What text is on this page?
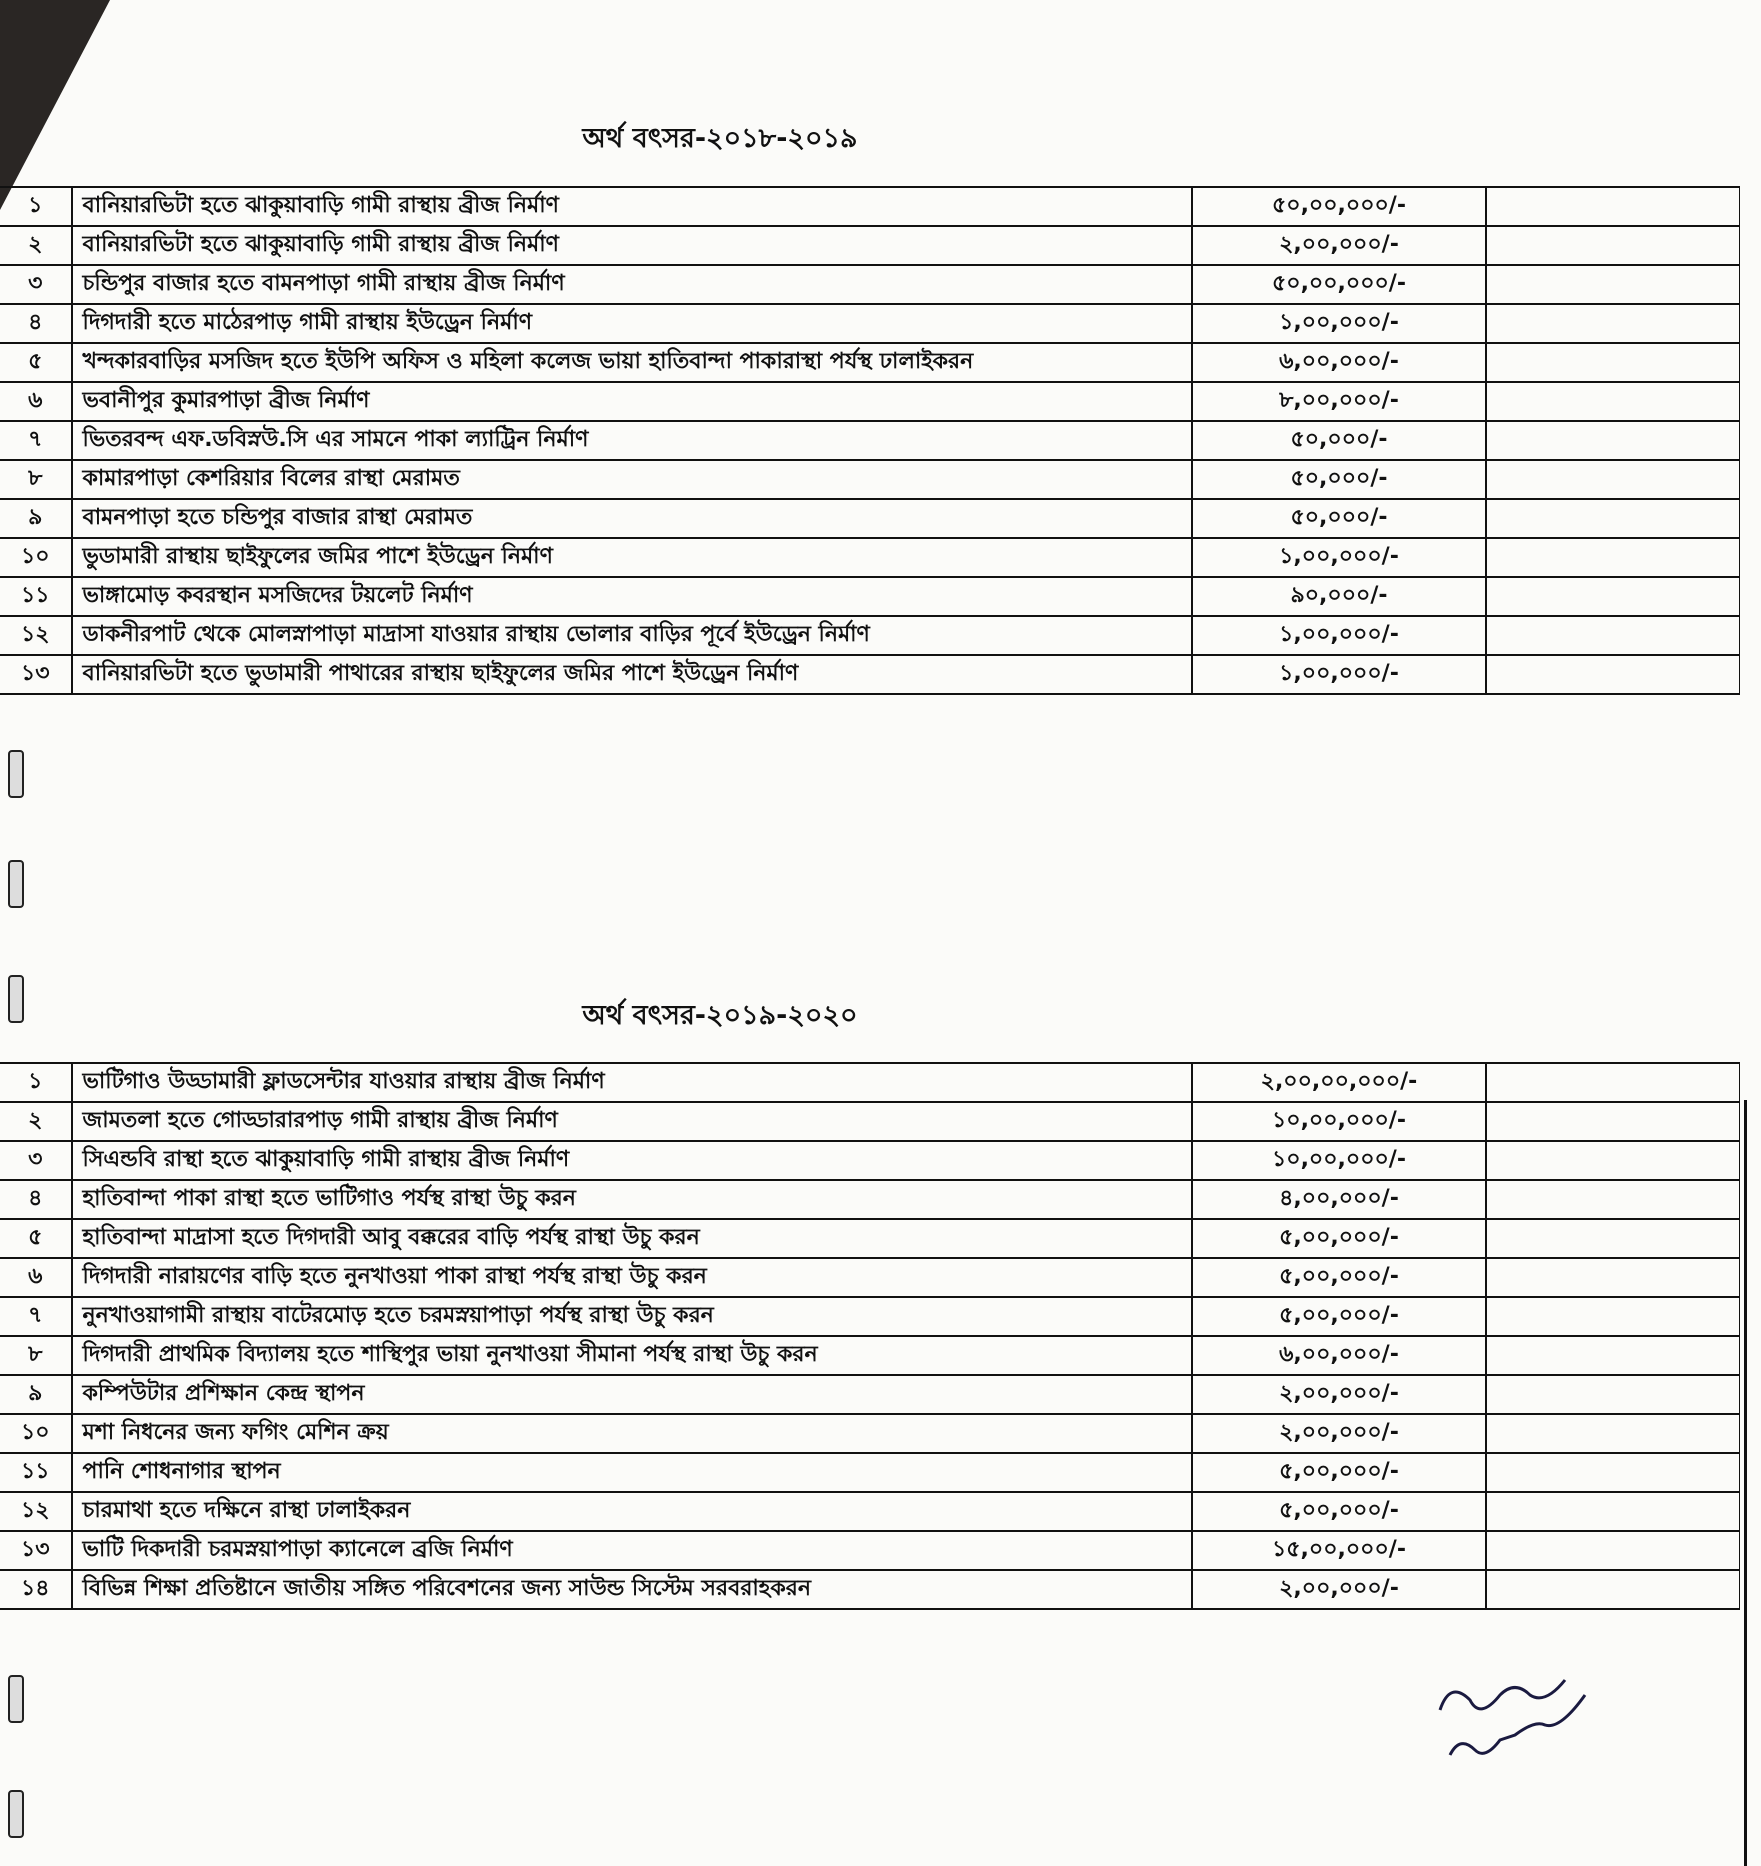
অর্থ বৎসর-২০১৮-২০১৯
১	বানিয়ারভিটা হতে ঝাকুয়াবাড়ি গামী রাস্থায় ব্রীজ নির্মাণ	৫০,০০,০০০/-	
২	বানিয়ারভিটা হতে ঝাকুয়াবাড়ি গামী রাস্থায় ব্রীজ নির্মাণ	২,০০,০০০/-	
৩	চন্ডিপুর বাজার হতে বামনপাড়া গামী রাস্থায় ব্রীজ নির্মাণ	৫০,০০,০০০/-	
৪	দিগদারী হতে মাঠেরপাড় গামী রাস্থায় ইউড্রেন নির্মাণ	১,০০,০০০/-	
৫	খন্দকারবাড়ির মসজিদ হতে ইউপি অফিস ও মহিলা কলেজ ভায়া হাতিবান্দা পাকারাস্থা পর্যস্থ ঢালাইকরন	৬,০০,০০০/-	
৬	ভবানীপুর কুমারপাড়া ব্রীজ নির্মাণ	৮,০০,০০০/-	
৭	ভিতরবন্দ এফ.ডবিস্নউ.সি এর সামনে পাকা ল্যাট্রিন নির্মাণ	৫০,০০০/-	
৮	কামারপাড়া কেশরিয়ার বিলের রাস্থা মেরামত	৫০,০০০/-	
৯	বামনপাড়া হতে চন্ডিপুর বাজার রাস্থা মেরামত	৫০,০০০/-	
১০	ভুডামারী রাস্থায় ছাইফুলের জমির পাশে ইউড্রেন নির্মাণ	১,০০,০০০/-	
১১	ভাঙ্গামোড় কবরস্থান মসজিদের টয়লেট নির্মাণ	৯০,০০০/-	
১২	ডাকনীরপাট থেকে মোলস্নাপাড়া মাদ্রাসা যাওয়ার রাস্থায় ভোলার বাড়ির পূর্বে ইউড্রেন নির্মাণ	১,০০,০০০/-	
১৩	বানিয়ারভিটা হতে ভুডামারী পাথারের রাস্থায় ছাইফুলের জমির পাশে ইউড্রেন নির্মাণ	১,০০,০০০/-	
অর্থ বৎসর-২০১৯-২০২০
১	ভাটিগাও উড্ডামারী ফ্লাডসেন্টার যাওয়ার রাস্থায় ব্রীজ নির্মাণ	২,০০,০০,০০০/-	
২	জামতলা হতে গোড্ডারারপাড় গামী রাস্থায় ব্রীজ নির্মাণ	১০,০০,০০০/-	
৩	সিএন্ডবি রাস্থা হতে ঝাকুয়াবাড়ি গামী রাস্থায় ব্রীজ নির্মাণ	১০,০০,০০০/-	
৪	হাতিবান্দা পাকা রাস্থা হতে ভাটিগাও পর্যস্থ রাস্থা উচু করন	৪,০০,০০০/-	
৫	হাতিবান্দা মাদ্রাসা হতে দিগদারী আবু বক্করের বাড়ি পর্যস্থ রাস্থা উচু করন	৫,০০,০০০/-	
৬	দিগদারী নারায়ণের বাড়ি হতে নুনখাওয়া পাকা রাস্থা পর্যস্থ রাস্থা উচু করন	৫,০০,০০০/-	
৭	নুনখাওয়াগামী রাস্থায় বাটেরমোড় হতে চরমস্নয়াপাড়া পর্যস্থ রাস্থা উচু করন	৫,০০,০০০/-	
৮	দিগদারী প্রাথমিক বিদ্যালয় হতে শাস্থিপুর ভায়া নুনখাওয়া সীমানা পর্যস্থ রাস্থা উচু করন	৬,০০,০০০/-	
৯	কম্পিউটার প্রশিক্ষান কেন্দ্র স্থাপন	২,০০,০০০/-	
১০	মশা নিধনের জন্য ফগিং মেশিন ক্রয়	২,০০,০০০/-	
১১	পানি শোধনাগার স্থাপন	৫,০০,০০০/-	
১২	চারমাথা হতে দক্ষিনে রাস্থা ঢালাইকরন	৫,০০,০০০/-	
১৩	ভাটি দিকদারী চরমস্নয়াপাড়া ক্যানেলে ব্রজি নির্মাণ	১৫,০০,০০০/-	
১৪	বিভিন্ন শিক্ষা প্রতিষ্টানে জাতীয় সঙ্গিত পরিবেশনের জন্য সাউন্ড সিস্টেম সরবরাহকরন	২,০০,০০০/-	
